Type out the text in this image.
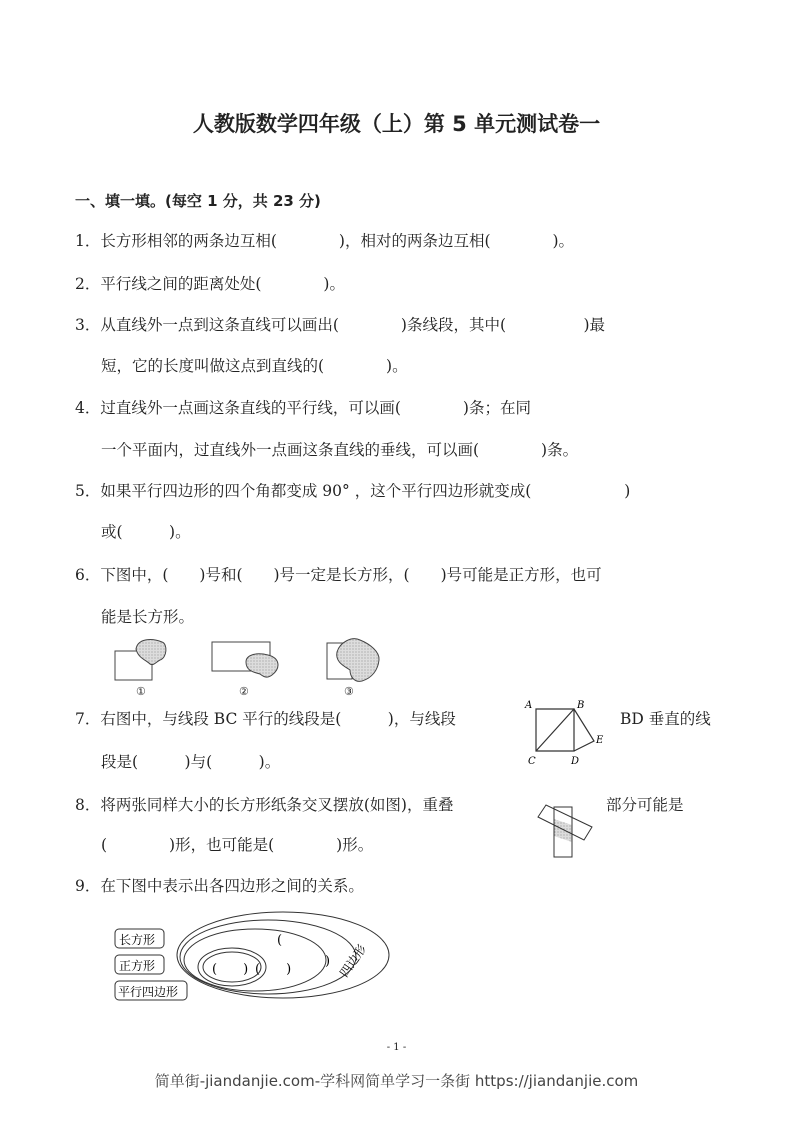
人教版数学四年级（上）第 5 单元测试卷一
一、填一填。(每空 1 分，共 23 分)
1．长方形相邻的两条边互相(　　　　)，相对的两条边互相(　　　　)。
2．平行线之间的距离处处(　　　　)。
3．从直线外一点到这条直线可以画出(　　　　)条线段，其中(　　　　　)最
短，它的长度叫做这点到直线的(　　　　)。
4．过直线外一点画这条直线的平行线，可以画(　　　　)条；在同
一个平面内，过直线外一点画这条直线的垂线，可以画(　　　　)条。
5．如果平行四边形的四个角都变成 90° ，这个平行四边形就变成(　　　　　　)
或(　　　)。
6．下图中，(　　)号和(　　)号一定是长方形，(　　)号可能是正方形，也可
能是长方形。
①	②	③
7．右图中，与线段 BC 平行的线段是(　　　)，与线段	BD 垂直的线
段是(　　　)与(　　　)。
A	B
C	D
E
8．将两张同样大小的长方形纸条交叉摆放(如图)，重叠	部分可能是
(　　　　)形，也可能是(　　　　)形。
9．在下图中表示出各四边形之间的关系。
(
)
(　　)
(　　)	四边形
长方形
正方形
平行四边形
- 1 -
简单街-jiandanjie.com-学科网简单学习一条街 https://jiandanjie.com
